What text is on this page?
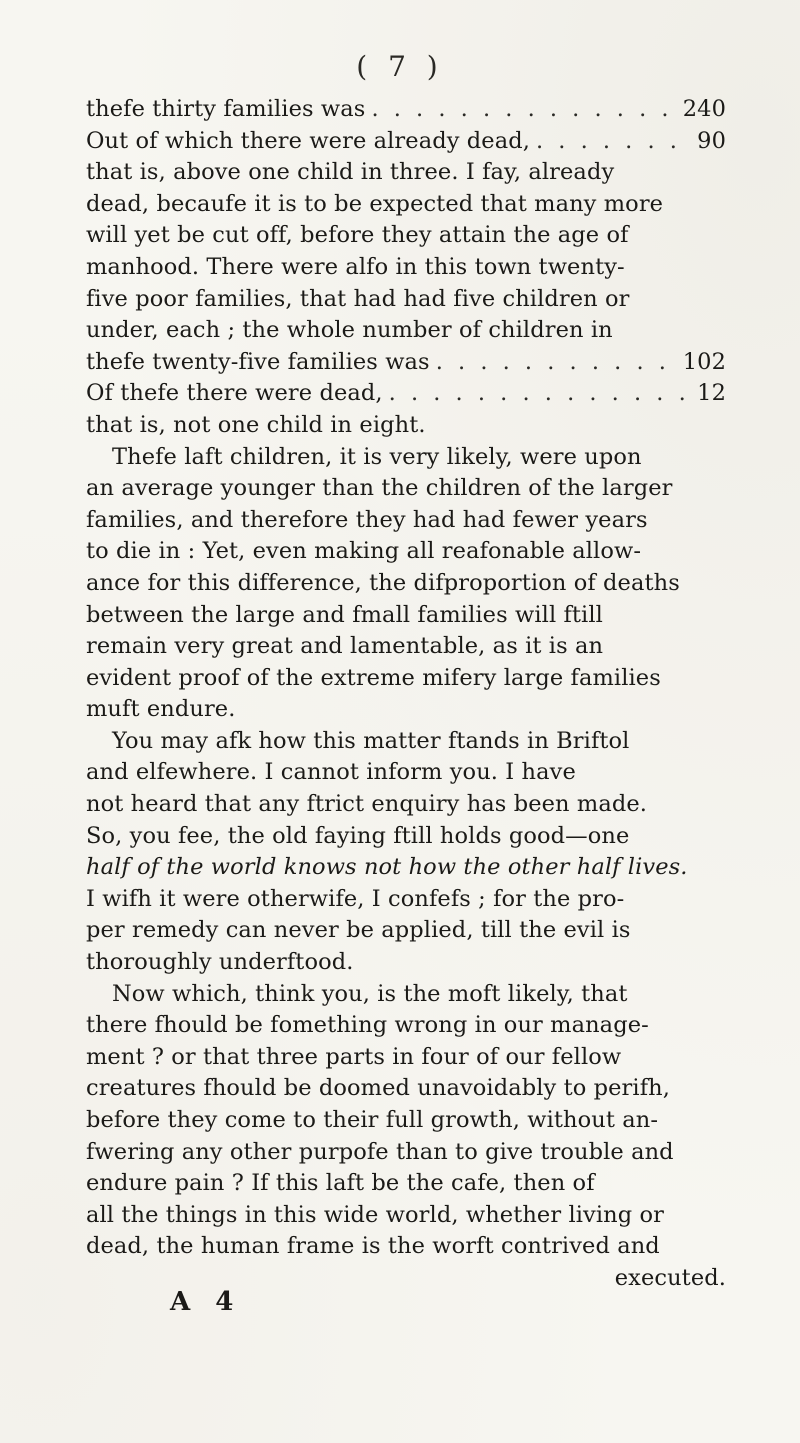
( 7 )
thefe thirty families was . . .	240
Out of which there were already dead, . . .	90
that is, above one child in three. I fay, already
dead, becaufe it is to be expected that many more
will yet be cut off, before they attain the age of
manhood. There were alfo in this town twenty-
five poor families, that had had five children or
under, each ; the whole number of children in
thefe twenty-five families was . . .	102
Of thefe there were dead, . . .	12
that is, not one child in eight.
Thefe laft children, it is very likely, were upon
an average younger than the children of the larger
families, and therefore they had had fewer years
to die in : Yet, even making all reafonable allow-
ance for this difference, the difproportion of deaths
between the large and fmall families will ftill
remain very great and lamentable, as it is an
evident proof of the extreme mifery large families
muft endure.
You may afk how this matter ftands in Briftol
and elfewhere. I cannot inform you. I have
not heard that any ftrict enquiry has been made.
So, you fee, the old faying ftill holds good—one
half of the world knows not how the other half lives.
I wifh it were otherwife, I confefs ; for the pro-
per remedy can never be applied, till the evil is
thoroughly underftood.
Now which, think you, is the moft likely, that
there fhould be fomething wrong in our manage-
ment ? or that three parts in four of our fellow
creatures fhould be doomed unavoidably to perifh,
before they come to their full growth, without an-
fwering any other purpofe than to give trouble and
endure pain ? If this laft be the cafe, then of
all the things in this wide world, whether living or
dead, the human frame is the worft contrived and
executed.
A 4
